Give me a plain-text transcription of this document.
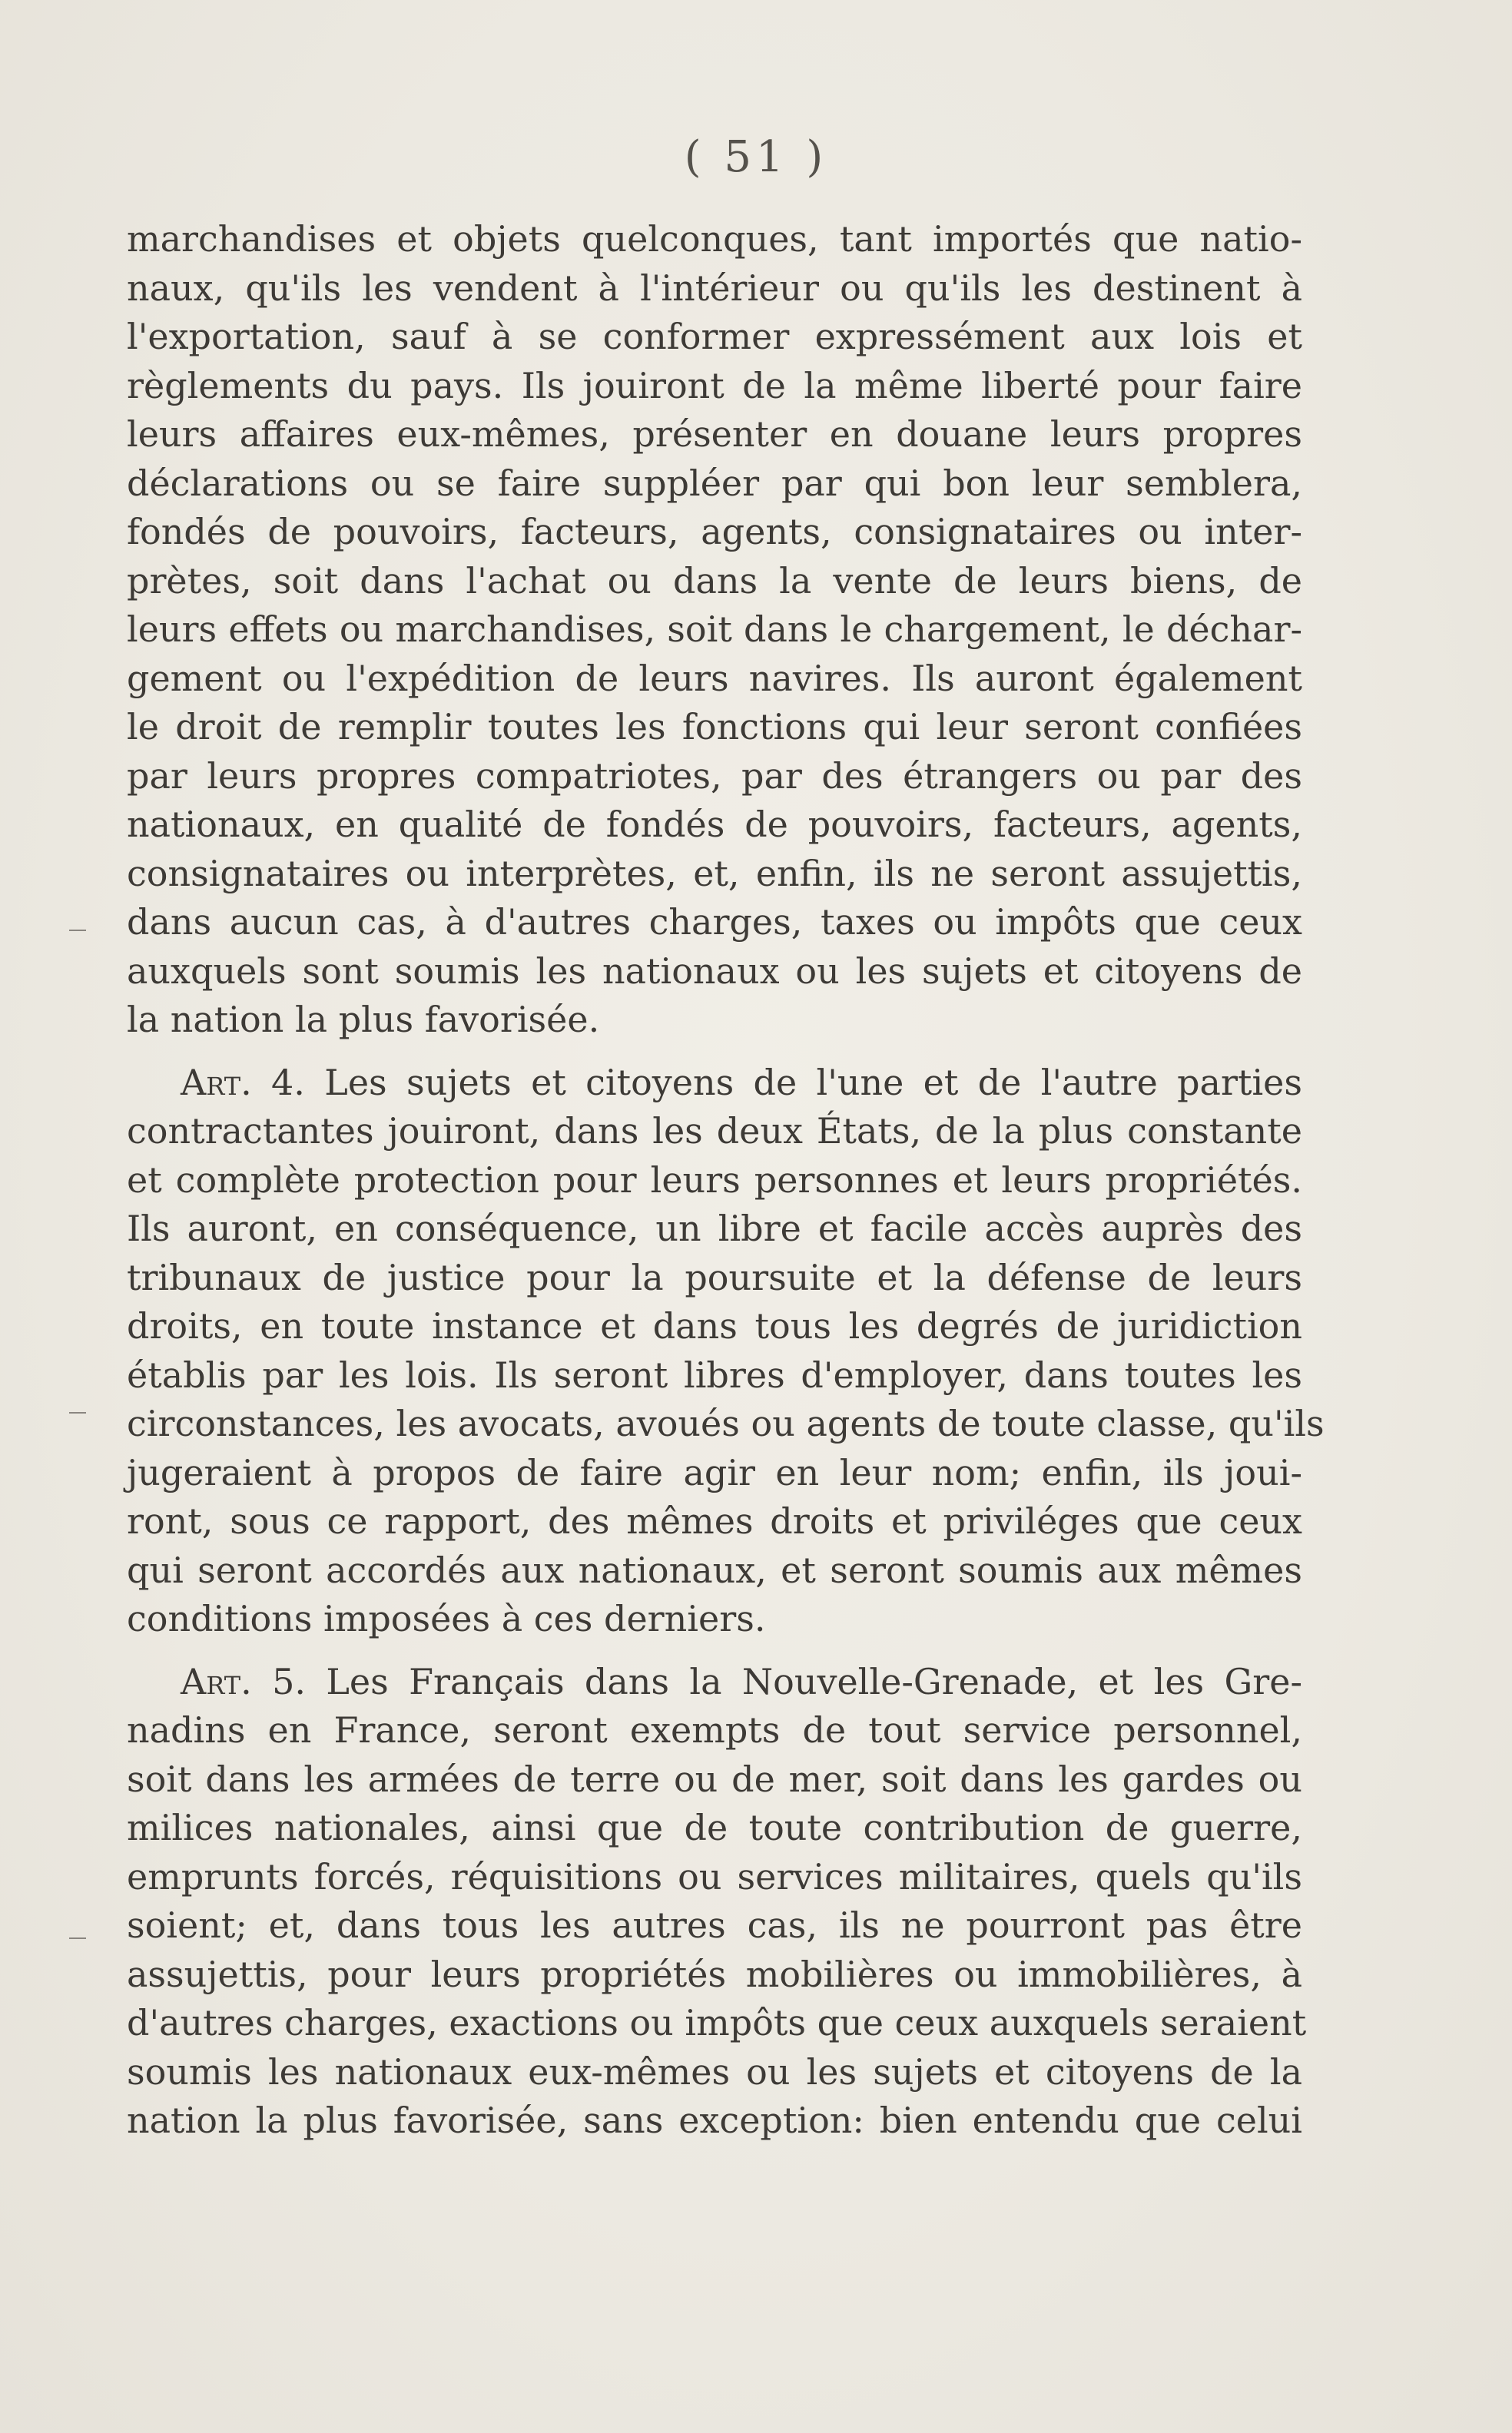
( 51 )

marchandises et objets quelconques, tant importés que natio-
naux, qu'ils les vendent à l'intérieur ou qu'ils les destinent à
l'exportation, sauf à se conformer expressément aux lois et
règlements du pays. Ils jouiront de la même liberté pour faire
leurs affaires eux-mêmes, présenter en douane leurs propres
déclarations ou se faire suppléer par qui bon leur semblera,
fondés de pouvoirs, facteurs, agents, consignataires ou inter-
prètes, soit dans l'achat ou dans la vente de leurs biens, de
leurs effets ou marchandises, soit dans le chargement, le déchar-
gement ou l'expédition de leurs navires. Ils auront également
le droit de remplir toutes les fonctions qui leur seront confiées
par leurs propres compatriotes, par des étrangers ou par des
nationaux, en qualité de fondés de pouvoirs, facteurs, agents,
consignataires ou interprètes, et, enfin, ils ne seront assujettis,
dans aucun cas, à d'autres charges, taxes ou impôts que ceux
auxquels sont soumis les nationaux ou les sujets et citoyens de
la nation la plus favorisée.

Art. 4. Les sujets et citoyens de l'une et de l'autre parties
contractantes jouiront, dans les deux États, de la plus constante
et complète protection pour leurs personnes et leurs propriétés.
Ils auront, en conséquence, un libre et facile accès auprès des
tribunaux de justice pour la poursuite et la défense de leurs
droits, en toute instance et dans tous les degrés de juridiction
établis par les lois. Ils seront libres d'employer, dans toutes les
circonstances, les avocats, avoués ou agents de toute classe, qu'ils
jugeraient à propos de faire agir en leur nom; enfin, ils joui-
ront, sous ce rapport, des mêmes droits et priviléges que ceux
qui seront accordés aux nationaux, et seront soumis aux mêmes
conditions imposées à ces derniers.

Art. 5. Les Français dans la Nouvelle-Grenade, et les Gre-
nadins en France, seront exempts de tout service personnel,
soit dans les armées de terre ou de mer, soit dans les gardes ou
milices nationales, ainsi que de toute contribution de guerre,
emprunts forcés, réquisitions ou services militaires, quels qu'ils
soient; et, dans tous les autres cas, ils ne pourront pas être
assujettis, pour leurs propriétés mobilières ou immobilières, à
d'autres charges, exactions ou impôts que ceux auxquels seraient
soumis les nationaux eux-mêmes ou les sujets et citoyens de la
nation la plus favorisée, sans exception: bien entendu que celui
